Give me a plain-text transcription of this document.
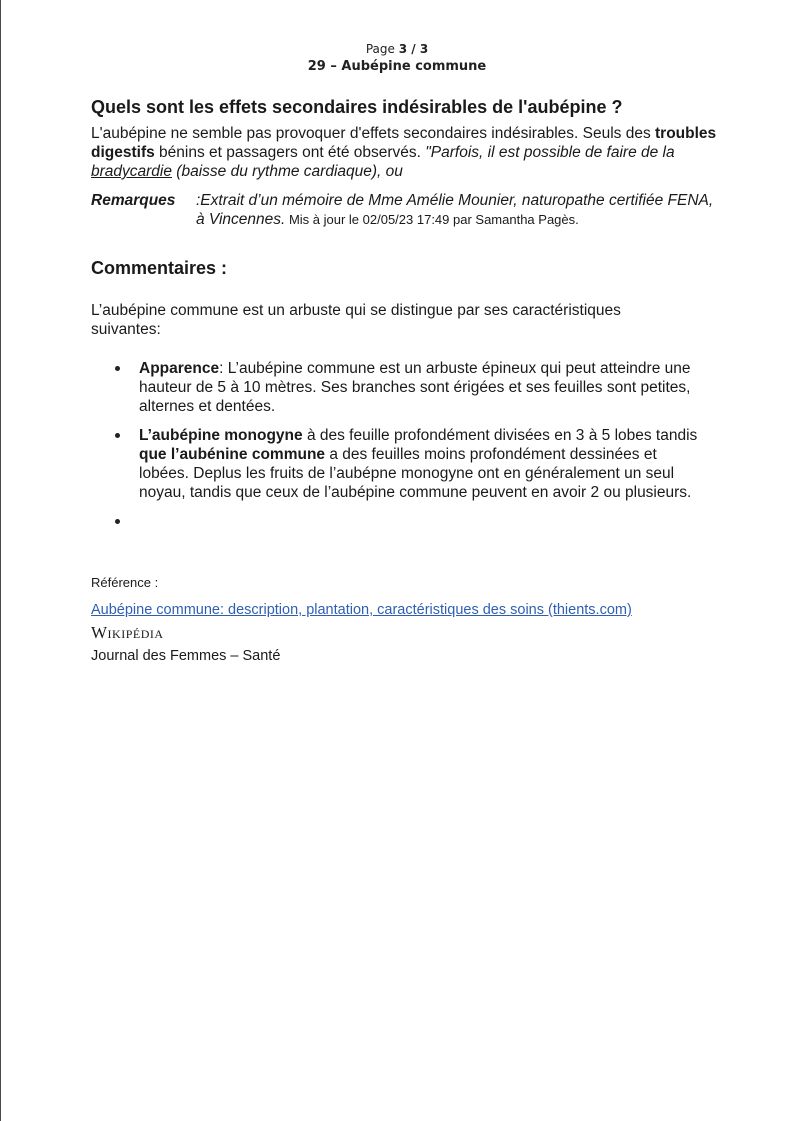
Page 3 / 3
29 – Aubépine commune
Quels sont les effets secondaires indésirables de l'aubépine ?

L'aubépine ne semble pas provoquer d'effets secondaires indésirables. Seuls des troubles digestifs bénins et passagers ont été observés. "Parfois, il est possible de faire de la bradycardie (baisse du rythme cardiaque), ou

Remarques	:Extrait d’un mémoire de Mme Amélie Mounier, naturopathe certifiée FENA, à Vincennes. Mis à jour le 02/05/23 17:49 par Samantha Pagès.
Commentaires :

L’aubépine commune est un arbuste qui se distingue par ses caractéristiques suivantes:

Apparence: L’aubépine commune est un arbuste épineux qui peut atteindre une hauteur de 5 à 10 mètres. Ses branches sont érigées et ses feuilles sont petites, alternes et dentées.
L’aubépine monogyne à des feuille profondément divisées en 3 à 5 lobes tandis que l’aubénine commune a des feuilles moins profondément dessinées et lobées. Deplus les fruits de l’aubépne monogyne ont en généralement un seul noyau, tandis que ceux de l’aubépine commune peuvent en avoir 2 ou plusieurs.
Référence :
Aubépine commune: description, plantation, caractéristiques des soins (thients.com)
Wikipédia
Journal des Femmes – Santé
